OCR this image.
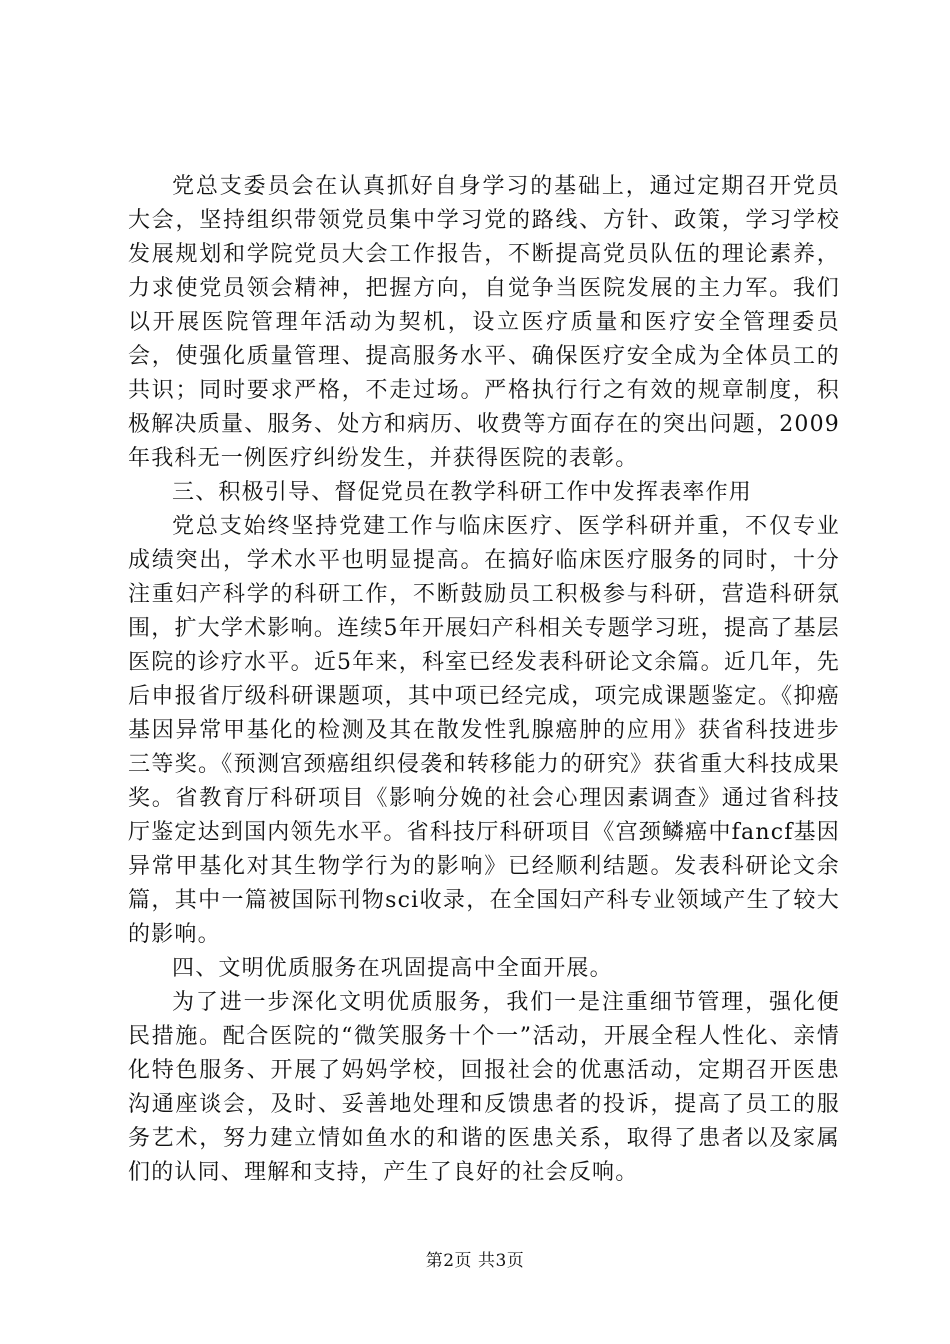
党总支委员会在认真抓好自身学习的基础上，通过定期召开党员大会，坚持组织带领党员集中学习党的路线、方针、政策，学习学校发展规划和学院党员大会工作报告，不断提高党员队伍的理论素养，力求使党员领会精神，把握方向，自觉争当医院发展的主力军。我们以开展医院管理年活动为契机，设立医疗质量和医疗安全管理委员会，使强化质量管理、提高服务水平、确保医疗安全成为全体员工的共识；同时要求严格，不走过场。严格执行行之有效的规章制度，积极解决质量、服务、处方和病历、收费等方面存在的突出问题，2009年我科无一例医疗纠纷发生，并获得医院的表彰。

三、积极引导、督促党员在教学科研工作中发挥表率作用

党总支始终坚持党建工作与临床医疗、医学科研并重，不仅专业成绩突出，学术水平也明显提高。在搞好临床医疗服务的同时，十分注重妇产科学的科研工作，不断鼓励员工积极参与科研，营造科研氛围，扩大学术影响。连续5年开展妇产科相关专题学习班，提高了基层医院的诊疗水平。近5年来，科室已经发表科研论文余篇。近几年，先后申报省厅级科研课题项，其中项已经完成，项完成课题鉴定。《抑癌基因异常甲基化的检测及其在散发性乳腺癌肿的应用》获省科技进步三等奖。《预测宫颈癌组织侵袭和转移能力的研究》获省重大科技成果奖。省教育厅科研项目《影响分娩的社会心理因素调查》通过省科技厅鉴定达到国内领先水平。省科技厅科研项目《宫颈鳞癌中fancf基因异常甲基化对其生物学行为的影响》已经顺利结题。发表科研论文余篇，其中一篇被国际刊物sci收录，在全国妇产科专业领域产生了较大的影响。

四、文明优质服务在巩固提高中全面开展。

为了进一步深化文明优质服务，我们一是注重细节管理，强化便民措施。配合医院的“微笑服务十个一”活动，开展全程人性化、亲情化特色服务、开展了妈妈学校，回报社会的优惠活动，定期召开医患沟通座谈会，及时、妥善地处理和反馈患者的投诉，提高了员工的服务艺术，努力建立情如鱼水的和谐的医患关系，取得了患者以及家属们的认同、理解和支持，产生了良好的社会反响。

第2页 共3页
